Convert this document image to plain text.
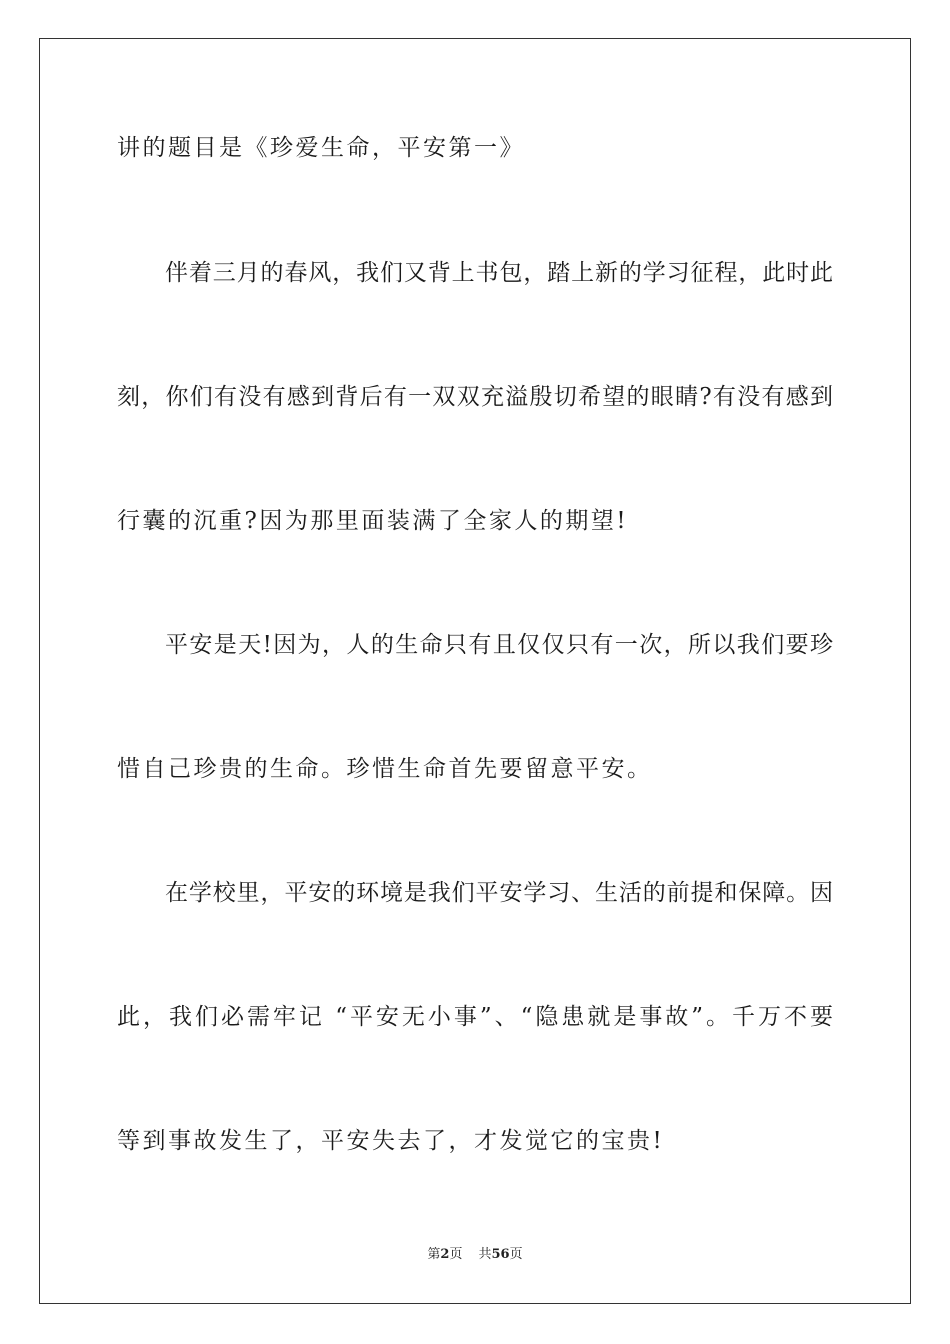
讲的题目是《珍爱生命，平安第一》
伴着三月的春风，我们又背上书包，踏上新的学习征程，此时此
刻，你们有没有感到背后有一双双充溢殷切希望的眼睛?有没有感到
行囊的沉重?因为那里面装满了全家人的期望!
平安是天!因为，人的生命只有且仅仅只有一次，所以我们要珍
惜自己珍贵的生命。珍惜生命首先要留意平安。
在学校里，平安的环境是我们平安学习、生活的前提和保障。因
此，我们必需牢记 “平安无小事”、“隐患就是事故”。千万不要
等到事故发生了，平安失去了，才发觉它的宝贵!
第2页 共56页
